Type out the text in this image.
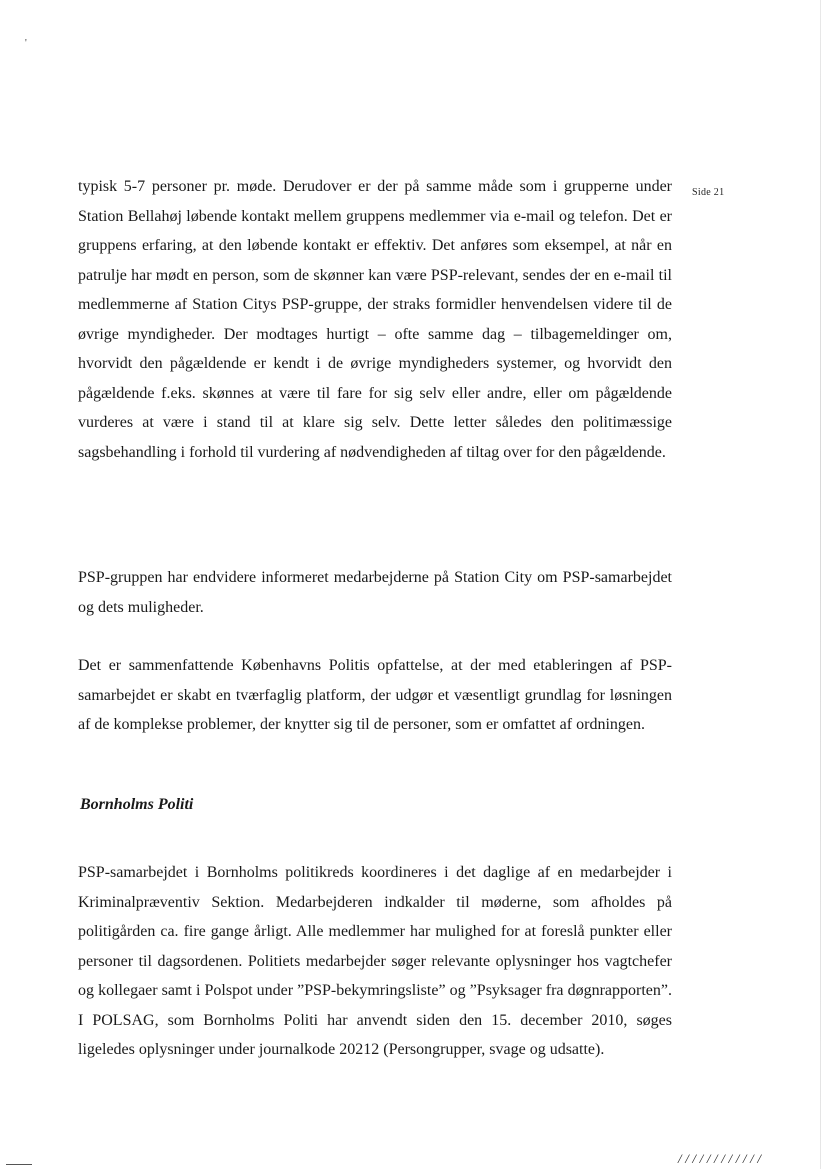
'
Side 21

typisk 5-7 personer pr. møde. Derudover er der på samme måde som i grupperne under Station Bellahøj løbende kontakt mellem gruppens medlemmer via e-mail og telefon. Det er gruppens erfaring, at den løbende kontakt er effektiv. Det anføres som eksempel, at når en patrulje har mødt en person, som de skønner kan være PSP-relevant, sendes der en e-mail til medlemmerne af Station Citys PSP-gruppe, der straks formidler henvendelsen videre til de øvrige myndigheder. Der modtages hurtigt – ofte samme dag – tilbagemeldinger om, hvorvidt den pågældende er kendt i de øvrige myndigheders systemer, og hvorvidt den pågældende f.eks. skønnes at være til fare for sig selv eller andre, eller om pågældende vurderes at være i stand til at klare sig selv. Dette letter således den politimæssige sagsbehandling i forhold til vurdering af nødvendigheden af tiltag over for den pågældende.

PSP-gruppen har endvidere informeret medarbejderne på Station City om PSP-samarbejdet og dets muligheder.

Det er sammenfattende Københavns Politis opfattelse, at der med etableringen af PSP-samarbejdet er skabt en tværfaglig platform, der udgør et væsentligt grundlag for løsningen af de komplekse problemer, der knytter sig til de personer, som er omfattet af ordningen.

Bornholms Politi

PSP-samarbejdet i Bornholms politikreds koordineres i det daglige af en medarbejder i Kriminalpræventiv Sektion. Medarbejderen indkalder til møderne, som afholdes på politigården ca. fire gange årligt. Alle medlemmer har mulighed for at foreslå punkter eller personer til dagsordenen. Politiets medarbejder søger relevante oplysninger hos vagtchefer og kollegaer samt i Polspot under ”PSP-bekymringsliste” og ”Psyksager fra døgnrapporten”. I POLSAG, som Bornholms Politi har anvendt siden den 15. december 2010, søges ligeledes oplysninger under journalkode 20212 (Persongrupper, svage og udsatte).

////////////
